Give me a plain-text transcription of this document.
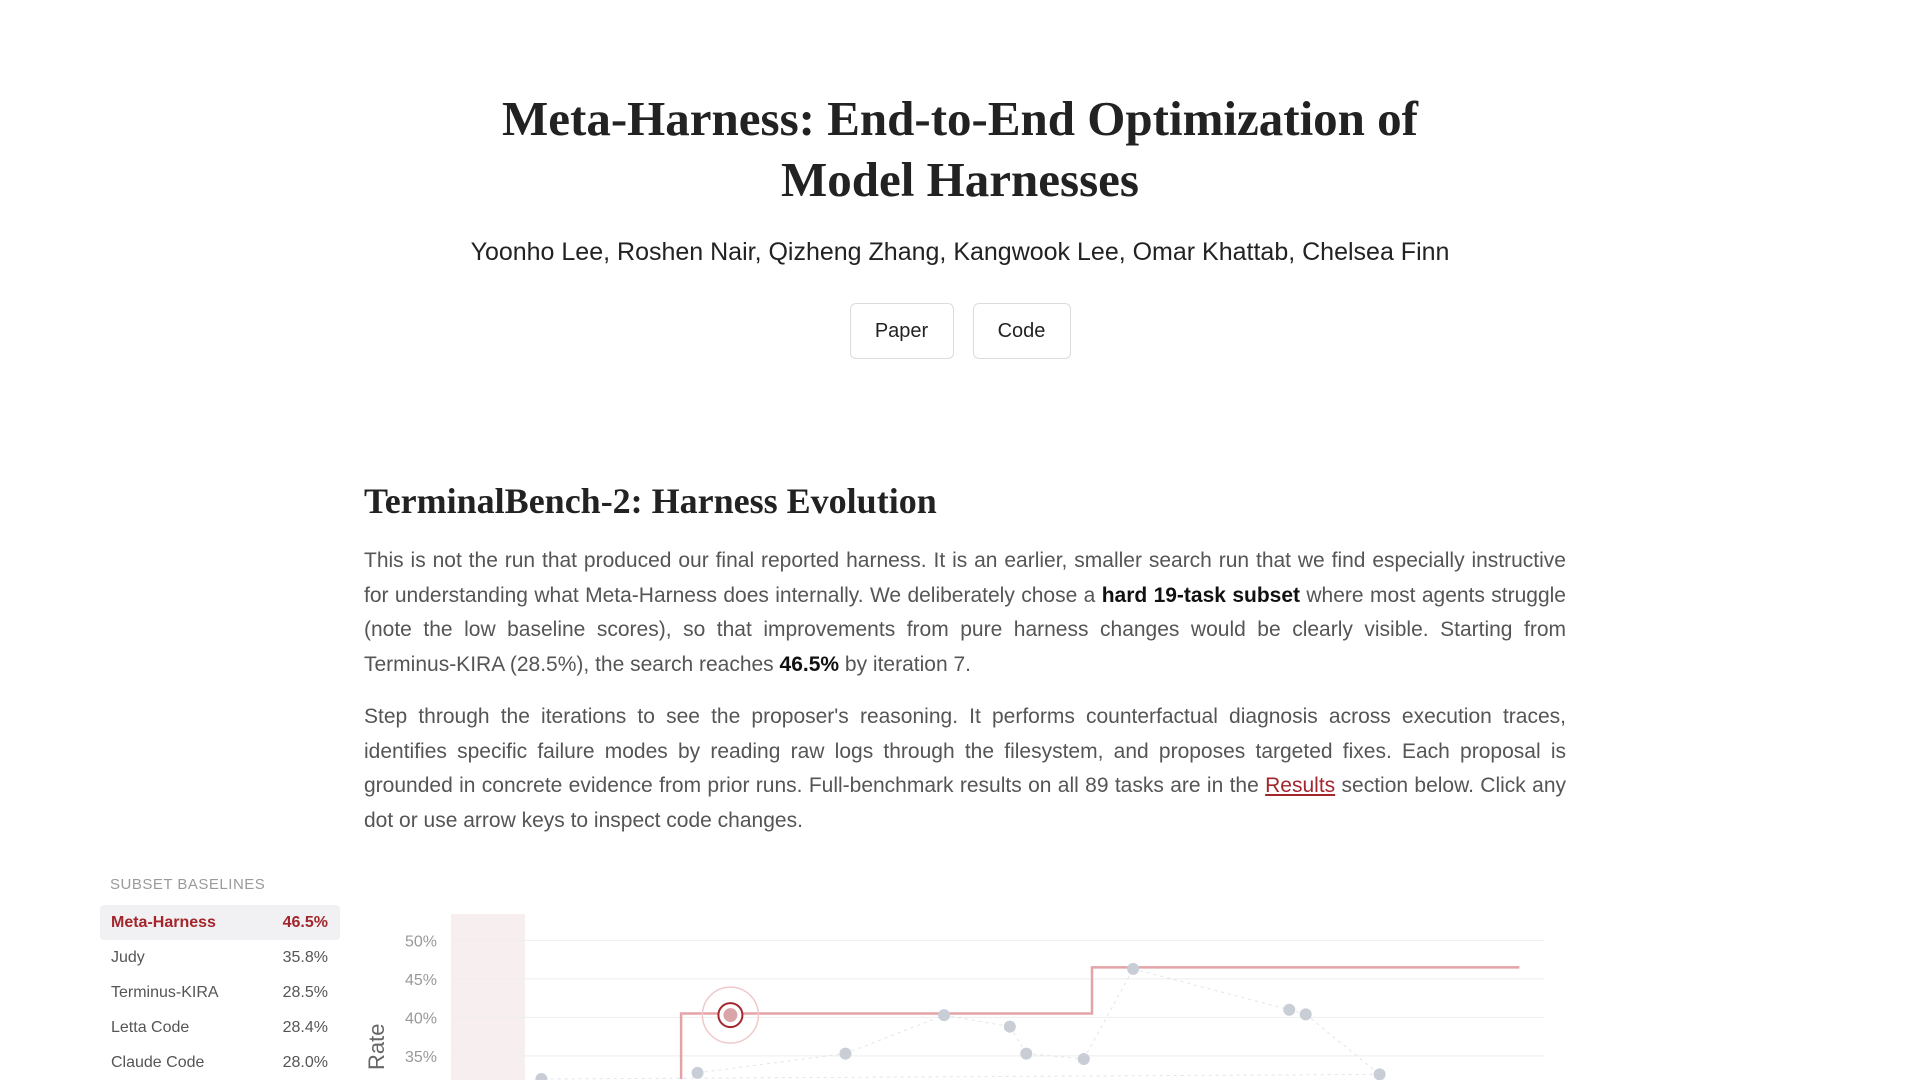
Meta-Harness: End-to-End Optimization of
Model Harnesses
Yoonho Lee, Roshen Nair, Qizheng Zhang, Kangwook Lee, Omar Khattab, Chelsea Finn
Paper	Code
TerminalBench-2: Harness Evolution

This is not the run that produced our final reported harness. It is an earlier, smaller search run that we find especially instructive for understanding what Meta-Harness does internally. We deliberately chose a hard 19-task subset where most agents struggle (note the low baseline scores), so that improvements from pure harness changes would be clearly visible. Starting from Terminus-KIRA (28.5%), the search reaches 46.5% by iteration 7.

Step through the iterations to see the proposer's reasoning. It performs counterfactual diagnosis across execution traces, identifies specific failure modes by reading raw logs through the filesystem, and proposes targeted fixes. Each proposal is grounded in concrete evidence from prior runs. Full-benchmark results on all 89 tasks are in the Results section below. Click any dot or use arrow keys to inspect code changes.

SUBSET BASELINES
Meta-Harness	46.5%
Judy	35.8%
Terminus-KIRA	28.5%
Letta Code	28.4%
Claude Code	28.0%
50%
45%
40%
35%
Rate
